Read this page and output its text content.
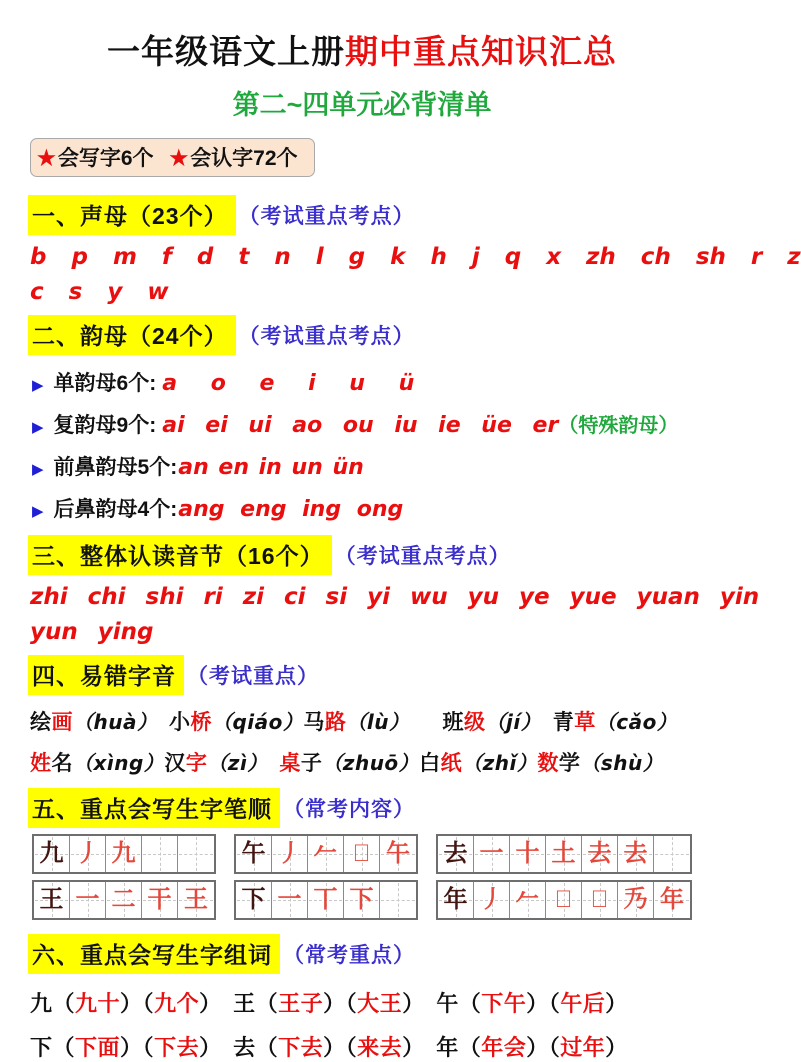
一年级语文上册期中重点知识汇总
第二~四单元必背清单
★会写字6个 ★会认字72个
一、声母（23个） （考试重点考点）
b p m f d t n l g k h j q x zh ch sh r z
c s y w
二、韵母（24个） （考试重点考点）
▶ 单韵母6个: a o e i u ü
▶ 复韵母9个: ai ei ui ao ou iu ie üe er （特殊韵母）
▶ 前鼻韵母5个: an en in un ün
▶ 后鼻韵母4个: ang eng ing ong
三、整体认读音节（16个） （考试重点考点）
zhi chi shi ri zi ci si yi wu yu ye yue yuan yin
yun ying
四、易错字音 （考试重点）
绘画（huà）　 小桥（qiáo）马路（lù）　　 班级（jí）　 青草（cǎo）
姓名（xìng）汉字（zì）　 桌子（zhuō）白纸（zhǐ）数学（shù）
五、重点会写生字笔顺 （常考内容）
九 丿 九	午 丿 𠂉 𠂋 午 去 一 十 土 去 去
王 一 二 干 王 下 一 丅 下	年 丿 𠂉 𠂋 𠂌 𠂍 年
六、重点会写生字组词 （常考重点）
九（九十）（九个）　 王（王子）（大王）　 午（下午）（午后）
下（下面）（下去）　 去（下去）（来去）　 年（年会）（过年）
